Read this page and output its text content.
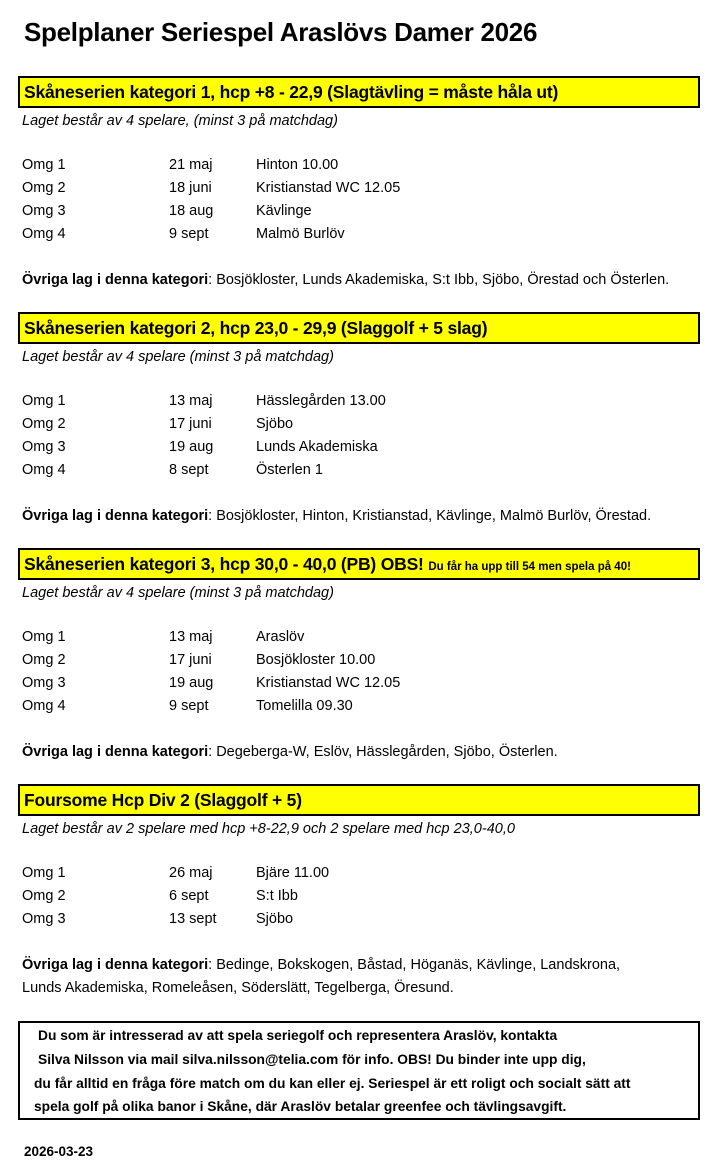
Spelplaner Seriespel Araslövs Damer 2026
Skåneserien kategori 1, hcp +8 - 22,9 (Slagtävling = måste håla ut)
Laget består av 4 spelare, (minst 3 på matchdag)
Omg 1	21 maj	Hinton 10.00
Omg 2	18 juni	Kristianstad WC 12.05
Omg 3	18 aug	Kävlinge
Omg 4	9 sept	Malmö Burlöv
Övriga lag i denna kategori: Bosjökloster, Lunds Akademiska, S:t Ibb, Sjöbo, Örestad och Österlen.
Skåneserien kategori 2, hcp 23,0 - 29,9 (Slaggolf + 5 slag)
Laget består av 4 spelare (minst 3 på matchdag)
Omg 1	13 maj	Hässlegården 13.00
Omg 2	17 juni	Sjöbo
Omg 3	19 aug	Lunds Akademiska
Omg 4	8 sept	Österlen 1
Övriga lag i denna kategori: Bosjökloster, Hinton, Kristianstad, Kävlinge, Malmö Burlöv, Örestad.
Skåneserien kategori 3, hcp 30,0 - 40,0 (PB) OBS! Du får ha upp till 54 men spela på 40!
Laget består av 4 spelare (minst 3 på matchdag)
Omg 1	13 maj	Araslöv
Omg 2	17 juni	Bosjökloster 10.00
Omg 3	19 aug	Kristianstad WC 12.05
Omg 4	9 sept	Tomelilla 09.30
Övriga lag i denna kategori: Degeberga-W, Eslöv, Hässlegården, Sjöbo, Österlen.
Foursome Hcp Div 2 (Slaggolf + 5)
Laget består av 2 spelare med hcp +8-22,9 och 2 spelare med hcp 23,0-40,0
Omg 1	26 maj	Bjäre 11.00
Omg 2	6 sept	S:t Ibb
Omg 3	13 sept	Sjöbo
Övriga lag i denna kategori: Bedinge, Bokskogen, Båstad, Höganäs, Kävlinge, Landskrona,
Lunds Akademiska, Romeleåsen, Söderslätt, Tegelberga, Öresund.
Du som är intresserad av att spela seriegolf och representera Araslöv, kontakta
Silva Nilsson via mail silva.nilsson@telia.com för info. OBS! Du binder inte upp dig,
du får alltid en fråga före match om du kan eller ej. Seriespel är ett roligt och socialt sätt att
spela golf på olika banor i Skåne, där Araslöv betalar greenfee och tävlingsavgift.
2026-03-23
